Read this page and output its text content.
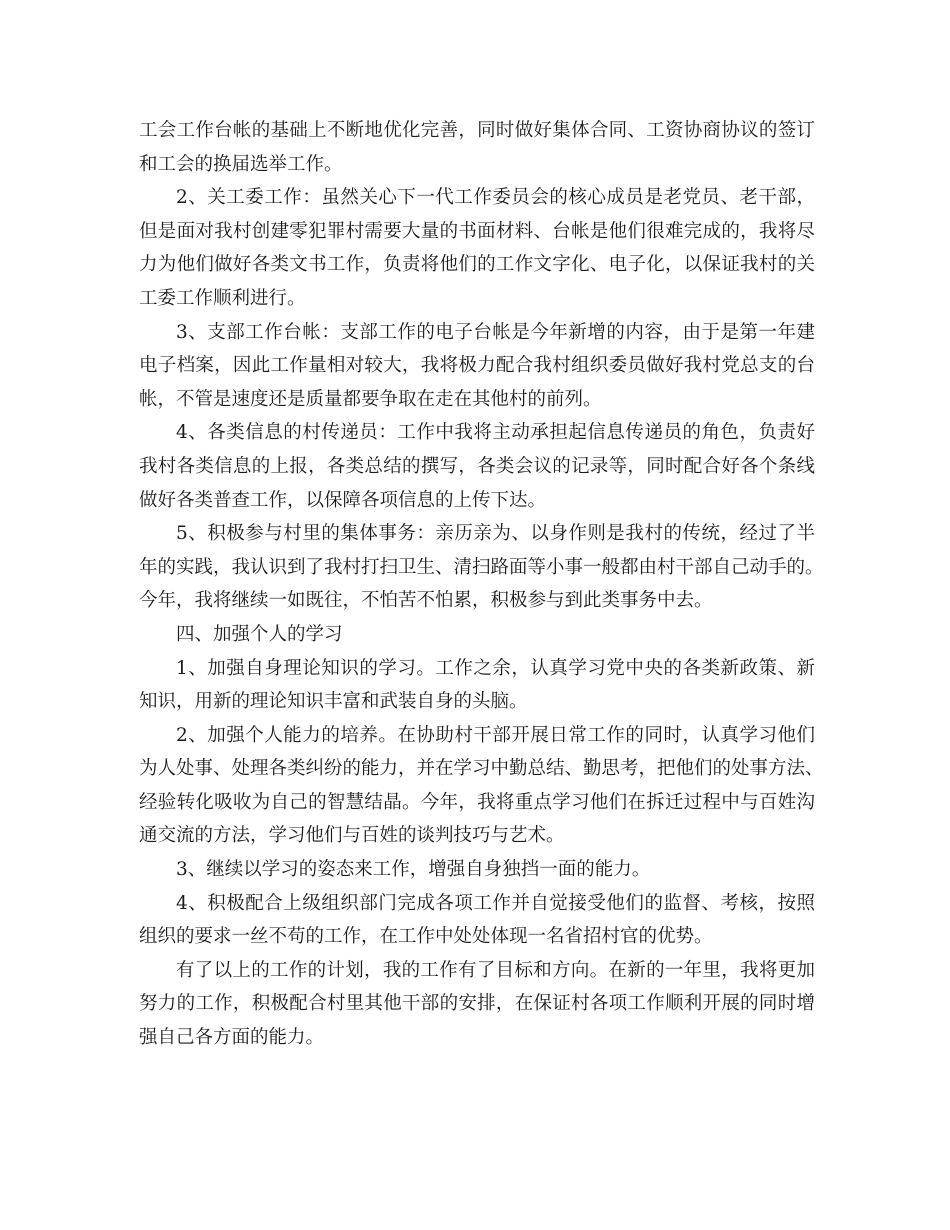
工会工作台帐的基础上不断地优化完善，同时做好集体合同、工资协商协议的签订
和工会的换届选举工作。
2、关工委工作：虽然关心下一代工作委员会的核心成员是老党员、老干部，
但是面对我村创建零犯罪村需要大量的书面材料、台帐是他们很难完成的，我将尽
力为他们做好各类文书工作，负责将他们的工作文字化、电子化，以保证我村的关
工委工作顺利进行。
3、支部工作台帐：支部工作的电子台帐是今年新增的内容，由于是第一年建
电子档案，因此工作量相对较大，我将极力配合我村组织委员做好我村党总支的台
帐，不管是速度还是质量都要争取在走在其他村的前列。
4、各类信息的村传递员：工作中我将主动承担起信息传递员的角色，负责好
我村各类信息的上报，各类总结的撰写，各类会议的记录等，同时配合好各个条线
做好各类普查工作，以保障各项信息的上传下达。
5、积极参与村里的集体事务：亲历亲为、以身作则是我村的传统，经过了半
年的实践，我认识到了我村打扫卫生、清扫路面等小事一般都由村干部自己动手的。
今年，我将继续一如既往，不怕苦不怕累，积极参与到此类事务中去。
四、加强个人的学习
1、加强自身理论知识的学习。工作之余，认真学习党中央的各类新政策、新
知识，用新的理论知识丰富和武装自身的头脑。
2、加强个人能力的培养。在协助村干部开展日常工作的同时，认真学习他们
为人处事、处理各类纠纷的能力，并在学习中勤总结、勤思考，把他们的处事方法、
经验转化吸收为自己的智慧结晶。今年，我将重点学习他们在拆迁过程中与百姓沟
通交流的方法，学习他们与百姓的谈判技巧与艺术。
3、继续以学习的姿态来工作，增强自身独挡一面的能力。
4、积极配合上级组织部门完成各项工作并自觉接受他们的监督、考核，按照
组织的要求一丝不苟的工作，在工作中处处体现一名省招村官的优势。
有了以上的工作的计划，我的工作有了目标和方向。在新的一年里，我将更加
努力的工作，积极配合村里其他干部的安排，在保证村各项工作顺利开展的同时增
强自己各方面的能力。
